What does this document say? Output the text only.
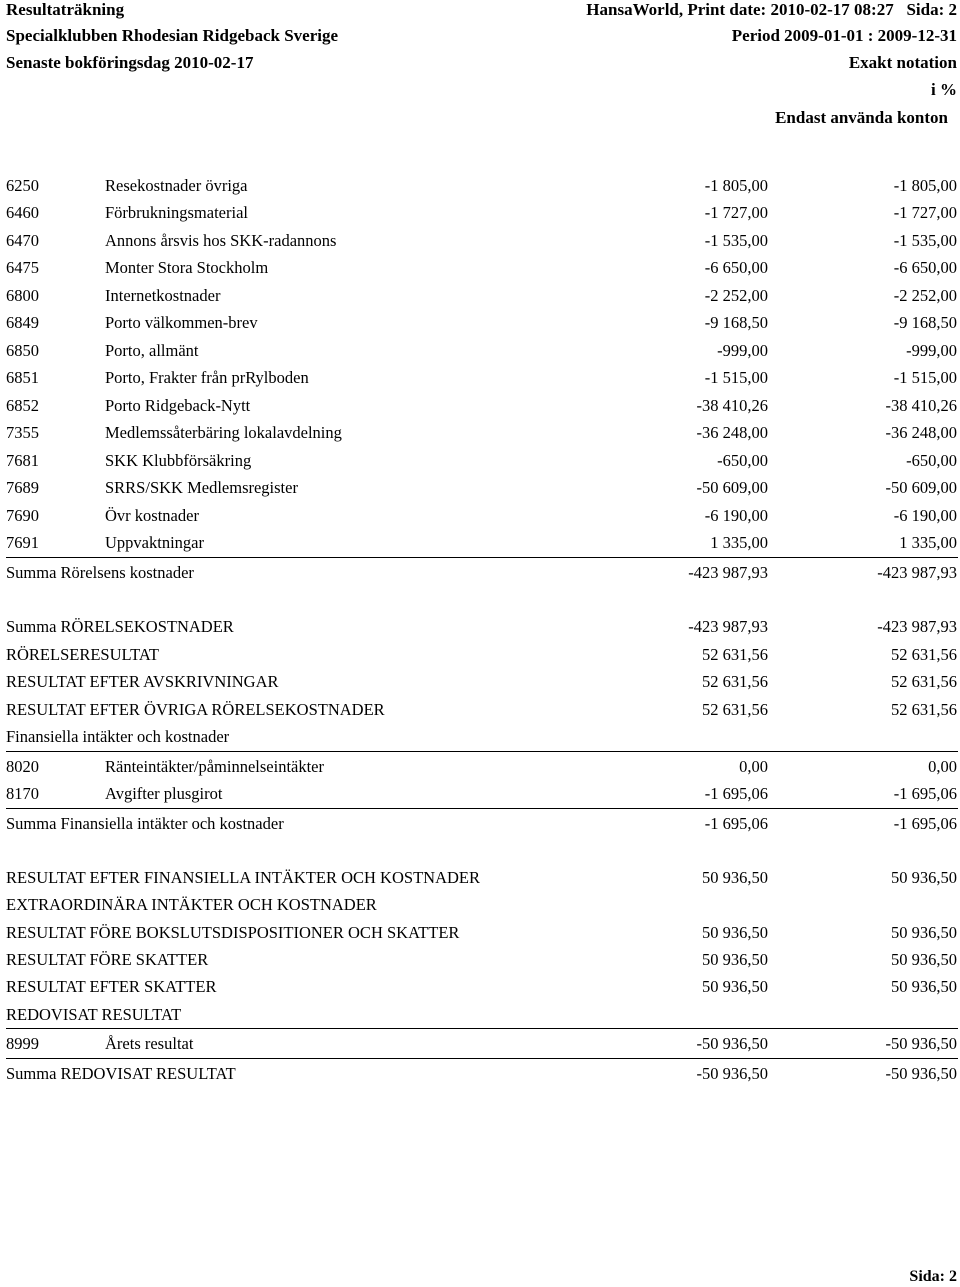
Resultaträkning	HansaWorld, Print date: 2010-02-17 08:27 Sida: 2
Specialklubben Rhodesian Ridgeback Sverige	Period 2009-01-01 : 2009-12-31
Senaste bokföringsdag 2010-02-17	Exakt notation
i %
Endast använda konton
6250	Resekostnader övriga	-1 805,00	-1 805,00
6460	Förbrukningsmaterial	-1 727,00	-1 727,00
6470	Annons årsvis hos SKK-radannons	-1 535,00	-1 535,00
6475	Monter Stora Stockholm	-6 650,00	-6 650,00
6800	Internetkostnader	-2 252,00	-2 252,00
6849	Porto välkommen-brev	-9 168,50	-9 168,50
6850	Porto, allmänt	-999,00	-999,00
6851	Porto, Frakter från prRylboden	-1 515,00	-1 515,00
6852	Porto Ridgeback-Nytt	-38 410,26	-38 410,26
7355	Medlemssåterbäring lokalavdelning	-36 248,00	-36 248,00
7681	SKK Klubbförsäkring	-650,00	-650,00
7689	SRRS/SKK Medlemsregister	-50 609,00	-50 609,00
7690	Övr kostnader	-6 190,00	-6 190,00
7691	Uppvaktningar	1 335,00	1 335,00
Summa Rörelsens kostnader	-423 987,93	-423 987,93
Summa RÖRELSEKOSTNADER	-423 987,93	-423 987,93
RÖRELSERESULTAT	52 631,56	52 631,56
RESULTAT EFTER AVSKRIVNINGAR	52 631,56	52 631,56
RESULTAT EFTER ÖVRIGA RÖRELSEKOSTNADER	52 631,56	52 631,56
Finansiella intäkter och kostnader
8020	Ränteintäkter/påminnelseintäkter	0,00	0,00
8170	Avgifter plusgirot	-1 695,06	-1 695,06
Summa Finansiella intäkter och kostnader	-1 695,06	-1 695,06
RESULTAT EFTER FINANSIELLA INTÄKTER OCH KOSTNADER	50 936,50	50 936,50
EXTRAORDINÄRA INTÄKTER OCH KOSTNADER
RESULTAT FÖRE BOKSLUTSDISPOSITIONER OCH SKATTER	50 936,50	50 936,50
RESULTAT FÖRE SKATTER	50 936,50	50 936,50
RESULTAT EFTER SKATTER	50 936,50	50 936,50
REDOVISAT RESULTAT
8999	Årets resultat	-50 936,50	-50 936,50
Summa REDOVISAT RESULTAT	-50 936,50	-50 936,50
Sida: 2
